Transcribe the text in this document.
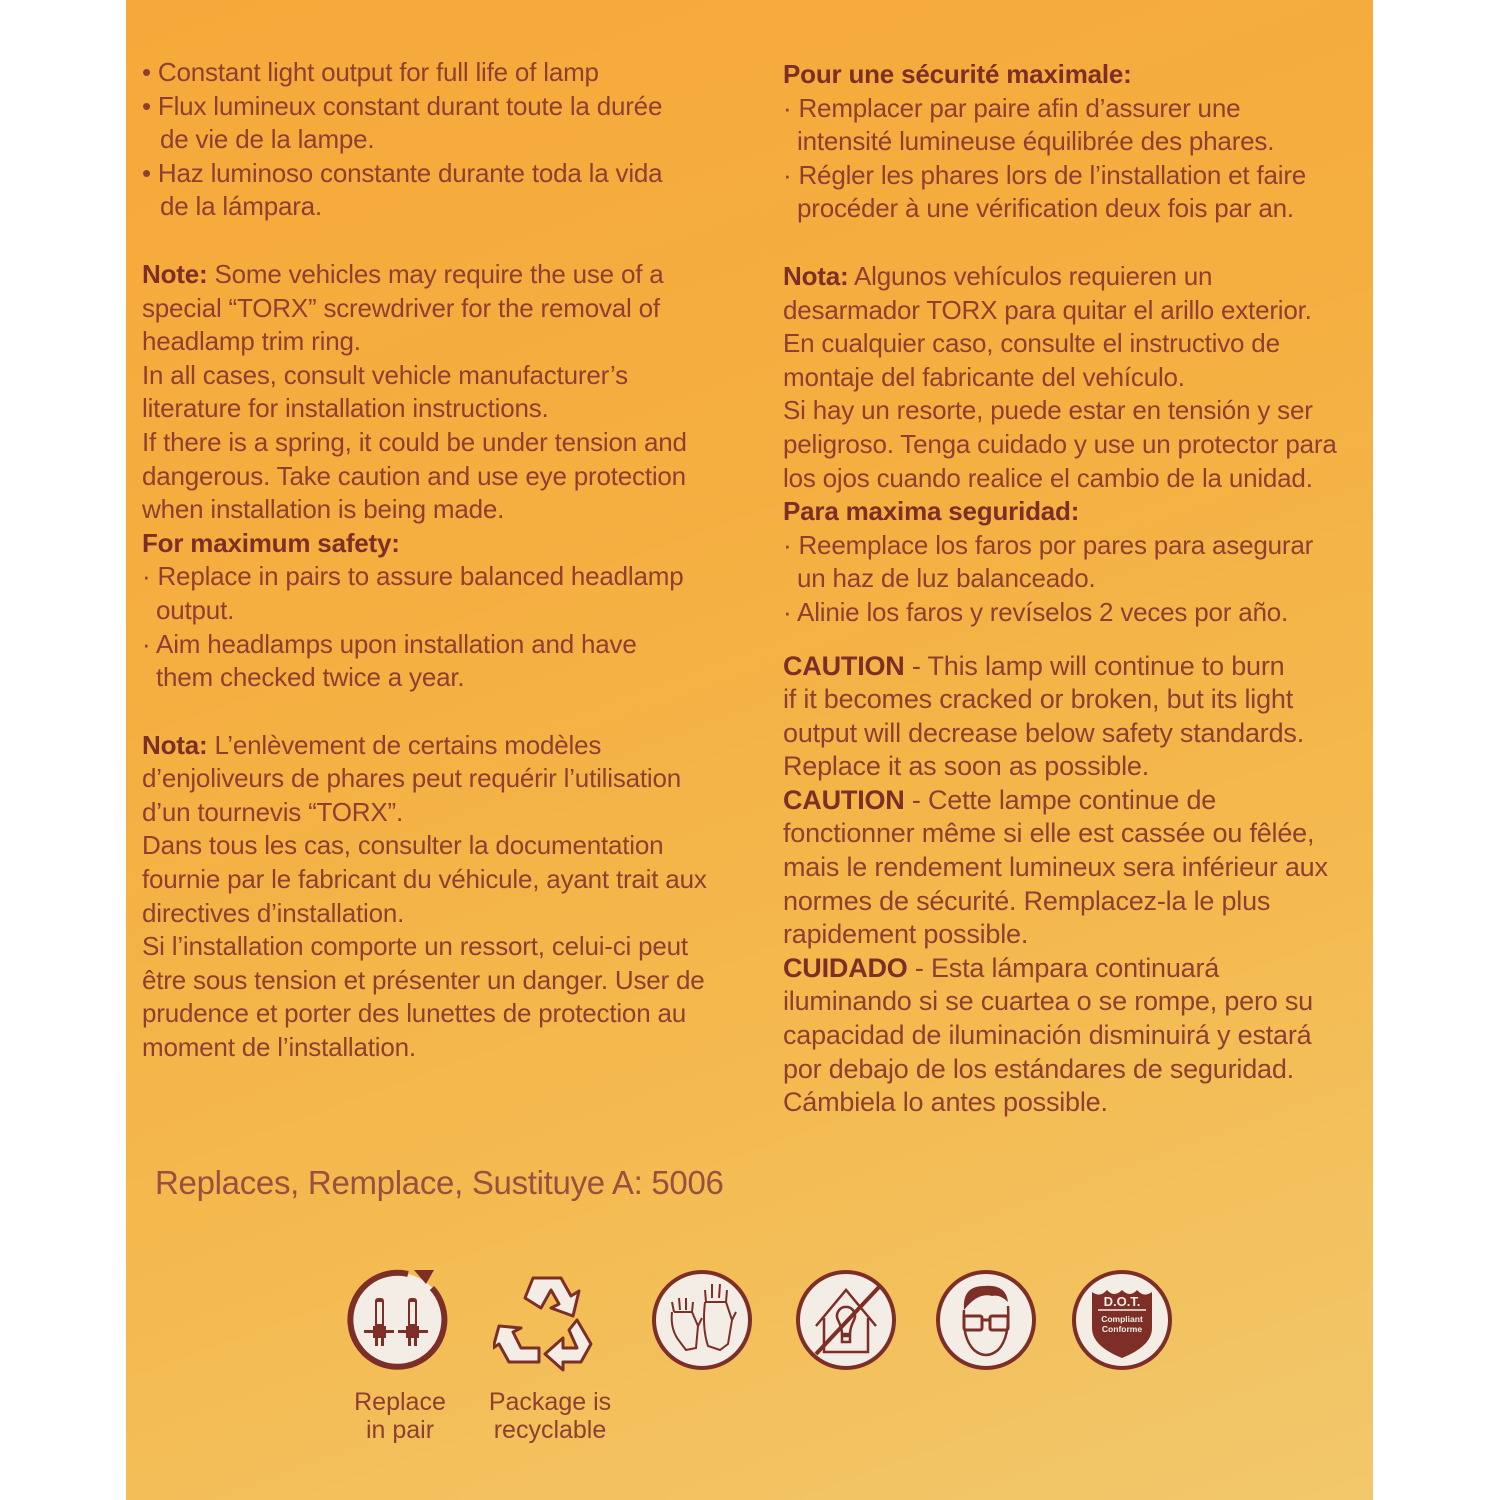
• Constant light output for full life of lamp
• Flux lumineux constant durant toute la durée
de vie de la lampe.
• Haz luminoso constante durante toda la vida
de la lámpara.
Note: Some vehicles may require the use of a
special “TORX” screwdriver for the removal of
headlamp trim ring.
In all cases, consult vehicle manufacturer’s
literature for installation instructions.
If there is a spring, it could be under tension and
dangerous. Take caution and use eye protection
when installation is being made.
For maximum safety:
· Replace in pairs to assure balanced headlamp
output.
· Aim headlamps upon installation and have
them checked twice a year.
Nota: L’enlèvement de certains modèles
d’enjoliveurs de phares peut requérir l’utilisation
d’un tournevis “TORX”.
Dans tous les cas, consulter la documentation
fournie par le fabricant du véhicule, ayant trait aux
directives d’installation.
Si l’installation comporte un ressort, celui-ci peut
être sous tension et présenter un danger. User de
prudence et porter des lunettes de protection au
moment de l’installation.
Pour une sécurité maximale:
· Remplacer par paire afin d’assurer une
intensité lumineuse équilibrée des phares.
· Régler les phares lors de l’installation et faire
procéder à une vérification deux fois par an.
Nota: Algunos vehículos requieren un
desarmador TORX para quitar el arillo exterior.
En cualquier caso, consulte el instructivo de
montaje del fabricante del vehículo.
Si hay un resorte, puede estar en tensión y ser
peligroso. Tenga cuidado y use un protector para
los ojos cuando realice el cambio de la unidad.
Para maxima seguridad:
· Reemplace los faros por pares para asegurar
un haz de luz balanceado.
· Alinie los faros y revíselos 2 veces por año.
CAUTION - This lamp will continue to burn
if it becomes cracked or broken, but its light
output will decrease below safety standards.
Replace it as soon as possible.
CAUTION - Cette lampe continue de
fonctionner même si elle est cassée ou fêlée,
mais le rendement lumineux sera inférieur aux
normes de sécurité. Remplacez-la le plus
rapidement possible.
CUIDADO - Esta lámpara continuará
iluminando si se cuartea o se rompe, pero su
capacidad de iluminación disminuirá y estará
por debajo de los estándares de seguridad.
Cámbiela lo antes possible.
Replaces, Remplace, Sustituye A: 5006
Replace
in pair
Package is
recyclable
D.O.T.
Compliant
Conforme
